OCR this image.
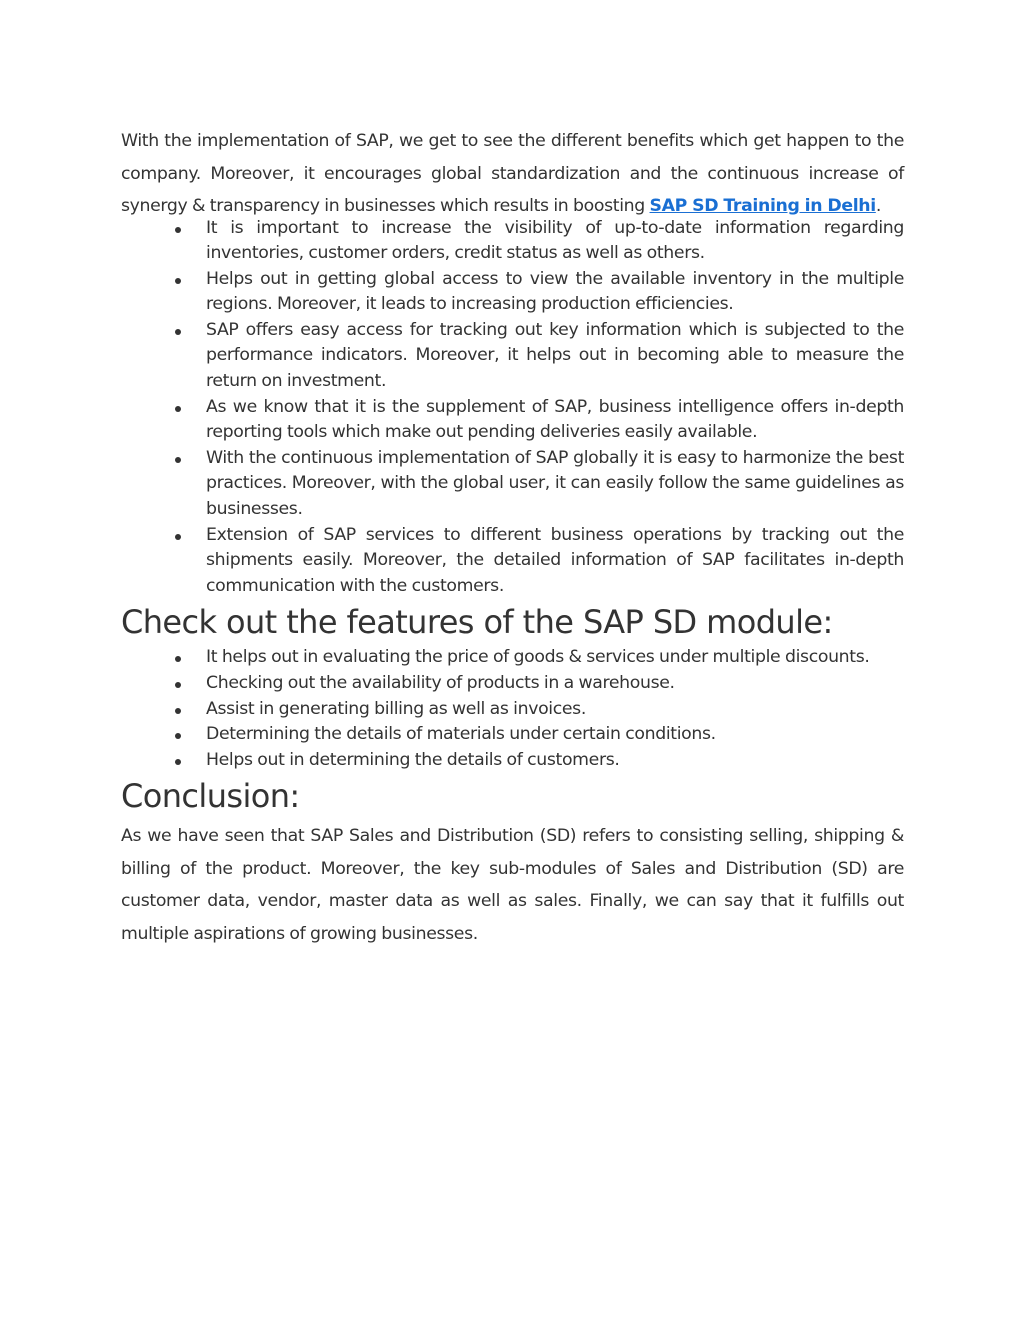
With the implementation of SAP, we get to see the different benefits which get happen to the company. Moreover, it encourages global standardization and the continuous increase of synergy & transparency in businesses which results in boosting SAP SD Training in Delhi.

It is important to increase the visibility of up-to-date information regarding inventories, customer orders, credit status as well as others.
Helps out in getting global access to view the available inventory in the multiple regions. Moreover, it leads to increasing production efficiencies.
SAP offers easy access for tracking out key information which is subjected to the performance indicators. Moreover, it helps out in becoming able to measure the return on investment.
As we know that it is the supplement of SAP, business intelligence offers in-depth reporting tools which make out pending deliveries easily available.
With the continuous implementation of SAP globally it is easy to harmonize the best practices. Moreover, with the global user, it can easily follow the same guidelines as businesses.
Extension of SAP services to different business operations by tracking out the shipments easily. Moreover, the detailed information of SAP facilitates in-depth communication with the customers.
Check out the features of the SAP SD module:
It helps out in evaluating the price of goods & services under multiple discounts.
Checking out the availability of products in a warehouse.
Assist in generating billing as well as invoices.
Determining the details of materials under certain conditions.
Helps out in determining the details of customers.
Conclusion:

As we have seen that SAP Sales and Distribution (SD) refers to consisting selling, shipping & billing of the product. Moreover, the key sub-modules of Sales and Distribution (SD) are customer data, vendor, master data as well as sales. Finally, we can say that it fulfills out multiple aspirations of growing businesses.
